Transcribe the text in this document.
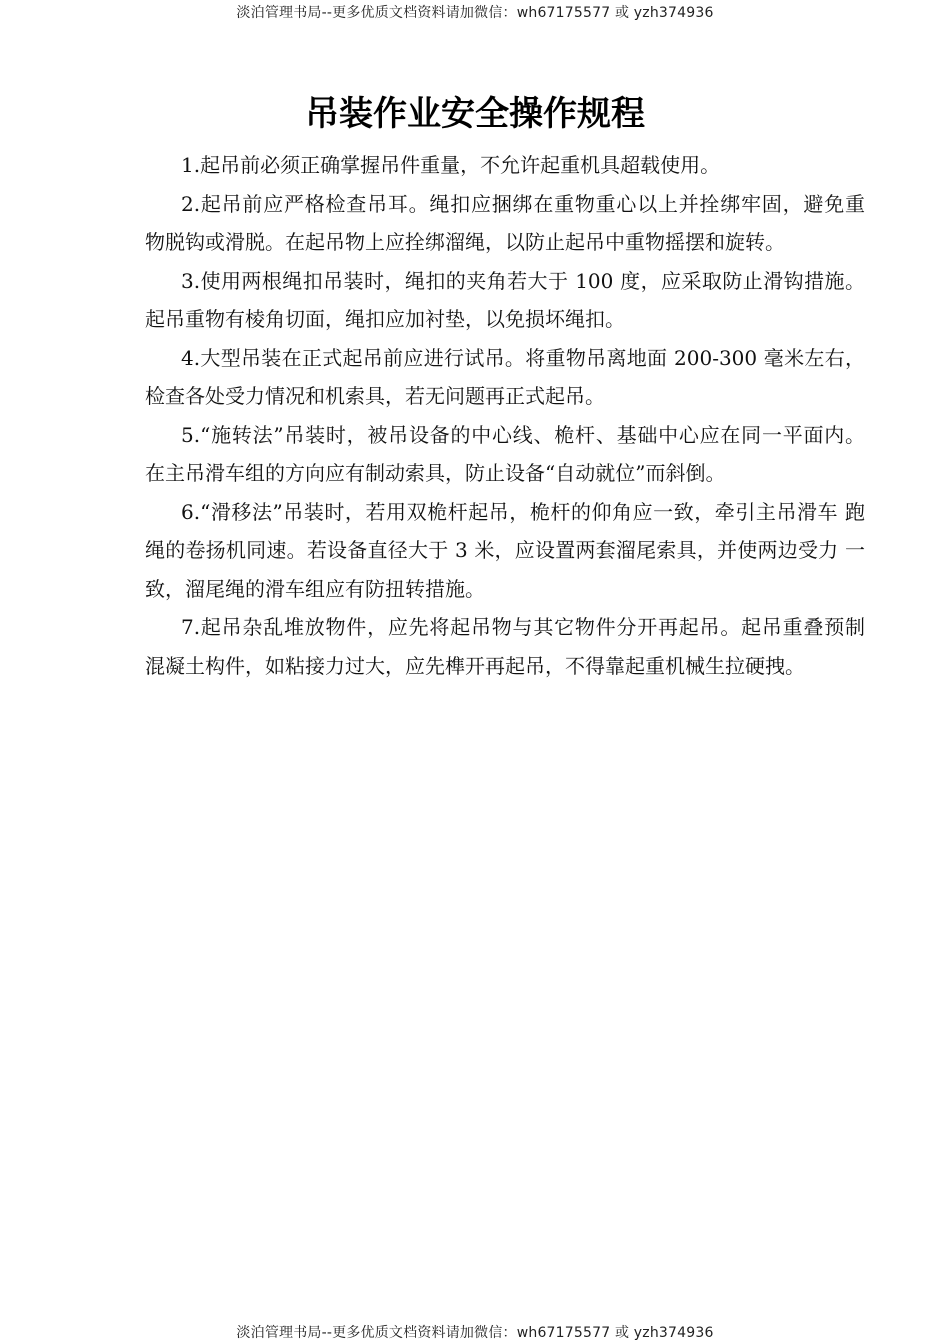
淡泊管理书局--更多优质文档资料请加微信：wh67175577 或 yzh374936
吊装作业安全操作规程

1.起吊前必须正确掌握吊件重量，不允许起重机具超载使用。

2.起吊前应严格检查吊耳。绳扣应捆绑在重物重心以上并拴绑牢固，避免重 物脱钩或滑脱。在起吊物上应拴绑溜绳，以防止起吊中重物摇摆和旋转。

3.使用两根绳扣吊装时，绳扣的夹角若大于 100 度，应采取防止滑钩措施。 起吊重物有棱角切面，绳扣应加衬垫，以免损坏绳扣。

4.大型吊装在正式起吊前应进行试吊。将重物吊离地面 200-300 毫米左右， 检查各处受力情况和机索具，若无问题再正式起吊。

5.“施转法”吊装时，被吊设备的中心线、桅杆、基础中心应在同一平面内。 在主吊滑车组的方向应有制动索具，防止设备“自动就位”而斜倒。

6.“滑移法”吊装时，若用双桅杆起吊，桅杆的仰角应一致，牵引主吊滑车 跑绳的卷扬机同速。若设备直径大于 3 米，应设置两套溜尾索具，并使两边受力 一致，溜尾绳的滑车组应有防扭转措施。

7.起吊杂乱堆放物件，应先将起吊物与其它物件分开再起吊。起吊重叠预制 混凝土构件，如粘接力过大，应先榫开再起吊，不得靠起重机械生拉硬拽。

淡泊管理书局--更多优质文档资料请加微信：wh67175577 或 yzh374936
